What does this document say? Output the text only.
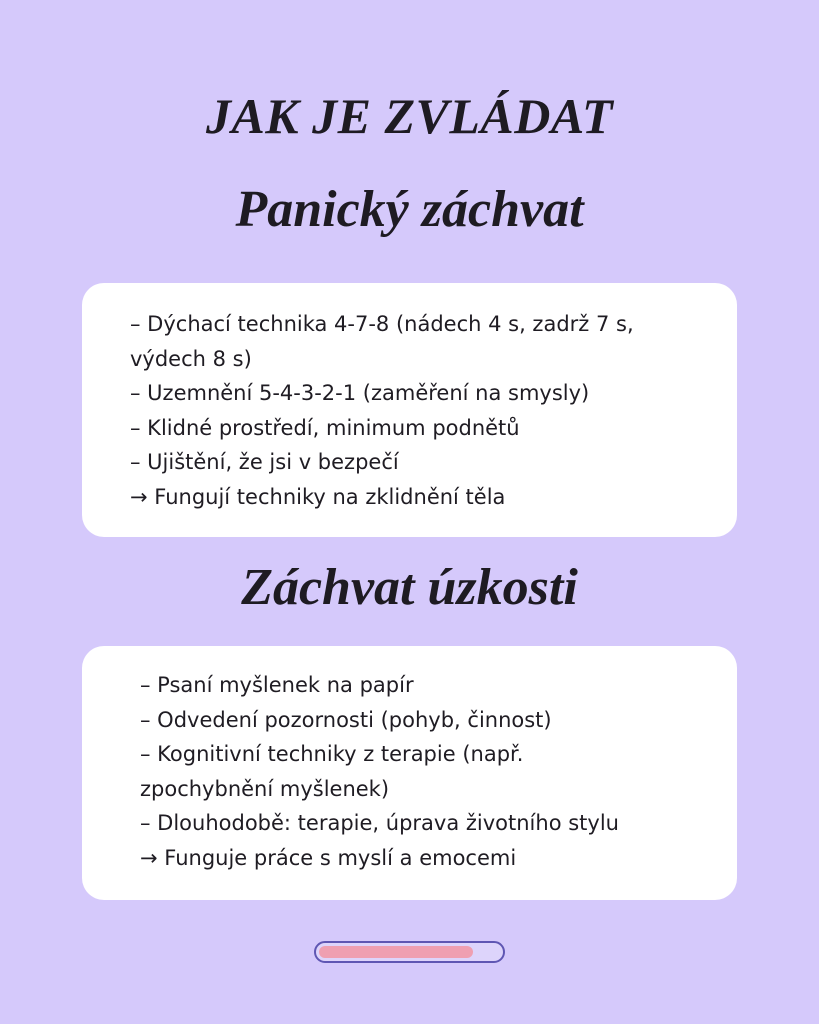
JAK JE ZVLÁDAT
Panický záchvat
– Dýchací technika 4-7-8 (nádech 4 s, zadrž 7 s,
výdech 8 s)
– Uzemnění 5-4-3-2-1 (zaměření na smysly)
– Klidné prostředí, minimum podnětů
– Ujištění, že jsi v bezpečí
→ Fungují techniky na zklidnění těla
Záchvat úzkosti
– Psaní myšlenek na papír
– Odvedení pozornosti (pohyb, činnost)
– Kognitivní techniky z terapie (např.
zpochybnění myšlenek)
– Dlouhodobě: terapie, úprava životního stylu
→ Funguje práce s myslí a emocemi
